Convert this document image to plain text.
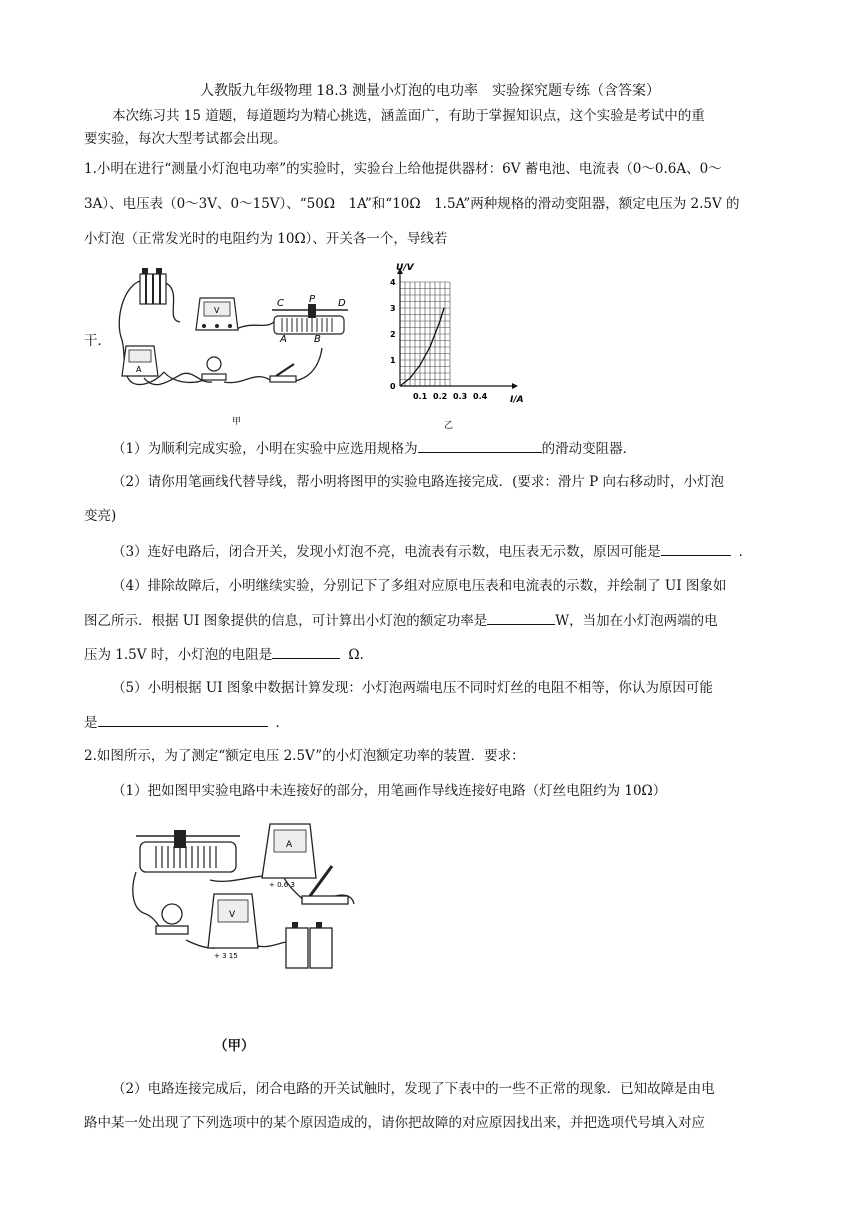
人教版九年级物理 18.3 测量小灯泡的电功率　实验探究题专练（含答案）
本次练习共 15 道题，每道题均为精心挑选，涵盖面广，有助于掌握知识点，这个实验是考试中的重
要实验，每次大型考试都会出现。
1.小明在进行“测量小灯泡电功率”的实验时，实验台上给他提供器材：6V 蓄电池、电流表（0～0.6A、0～
3A）、电压表（0～3V、0～15V）、“50Ω　1A”和“10Ω　1.5A”两种规格的滑动变阻器，额定电压为 2.5V 的
小灯泡（正常发光时的电阻约为 10Ω）、开关各一个，导线若
干．
V
A
C	P D
A	B
甲
0.1 0.2 0.3 0.4
0
1
2
3
4
U/V
I/A
乙
（1）为顺利完成实验，小明在实验中应选用规格为	的滑动变阻器．
（2）请你用笔画线代替导线，帮小明将图甲的实验电路连接完成．(要求：滑片 P 向右移动时，小灯泡
变亮)
（3）连好电路后，闭合开关，发现小灯泡不亮，电流表有示数，电压表无示数，原因可能是	．
（4）排除故障后，小明继续实验，分别记下了多组对应原电压表和电流表的示数，并绘制了 UI 图象如
图乙所示．根据 UI 图象提供的信息，可计算出小灯泡的额定功率是	W，当加在小灯泡两端的电
压为 1.5V 时，小灯泡的电阻是	Ω.
（5）小明根据 UI 图象中数据计算发现：小灯泡两端电压不同时灯丝的电阻不相等，你认为原因可能
是	．
2.如图所示，为了测定“额定电压 2.5V”的小灯泡额定功率的装置．要求：
（1）把如图甲实验电路中未连接好的部分，用笔画作导线连接好电路（灯丝电阻约为 10Ω）
A
+ 0.6 3
V
+ 3 15
（甲）
（2）电路连接完成后，闭合电路的开关试触时，发现了下表中的一些不正常的现象．已知故障是由电
路中某一处出现了下列选项中的某个原因造成的，请你把故障的对应原因找出来，并把选项代号填入对应
